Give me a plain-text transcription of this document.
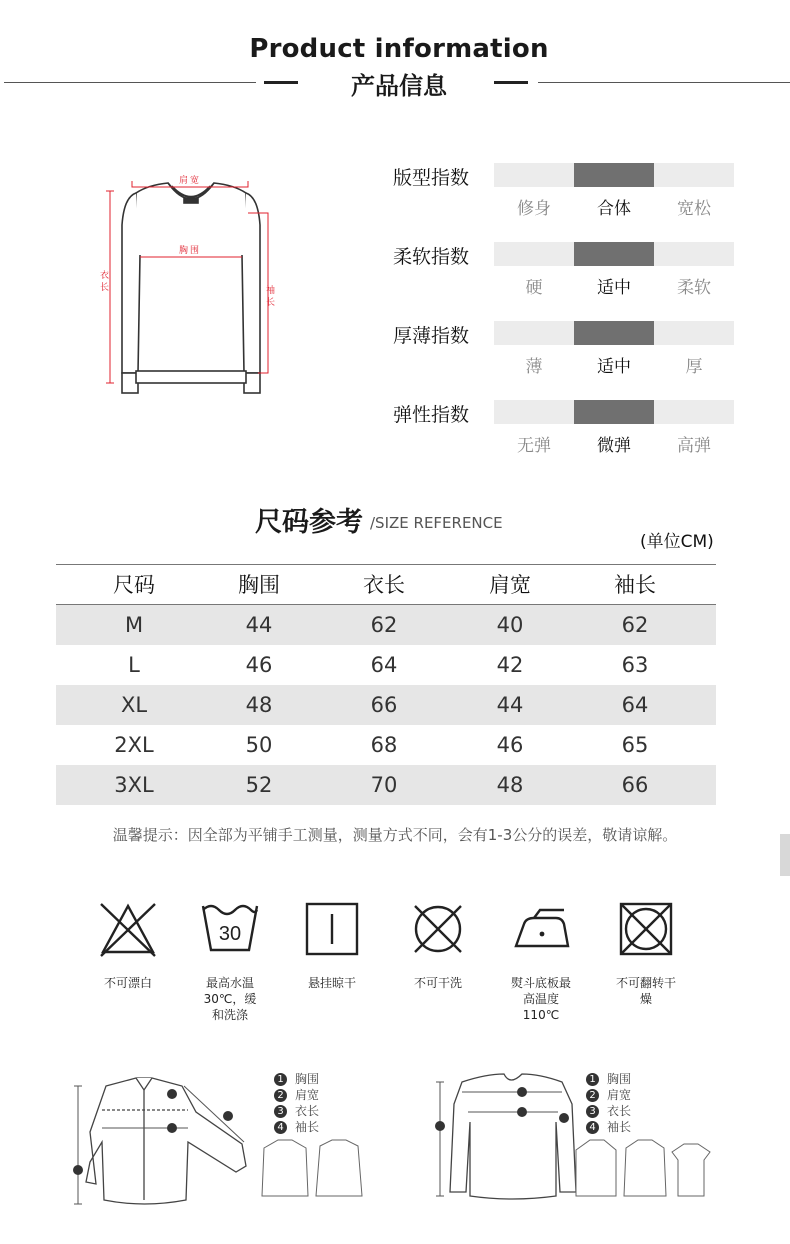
Product information
产品信息
肩宽
胸围
衣长	袖长
版型指数
修身	合体	宽松
柔软指数
硬	适中	柔软
厚薄指数
薄	适中	厚
弹性指数
无弹	微弹	高弹
尺码参考 /SIZE REFERENCE
(单位CM)
尺码	胸围	衣长	肩宽	袖长
M	44	62	40	62
L	46	64	42	63
XL	48	66	44	64
2XL	50	68	46	65
3XL	52	70	48	66
温馨提示：因全部为平铺手工测量，测量方式不同，会有1-3公分的误差，敬请谅解。
30
不可漂白	最高水温
30℃，缓
和洗涤
悬挂晾干	不可干洗	熨斗底板最
高温度
110℃
不可翻转干
燥
1 胸围
2 肩宽
3 衣长
4 袖长
1 胸围
2 肩宽
3 衣长
4 袖长
